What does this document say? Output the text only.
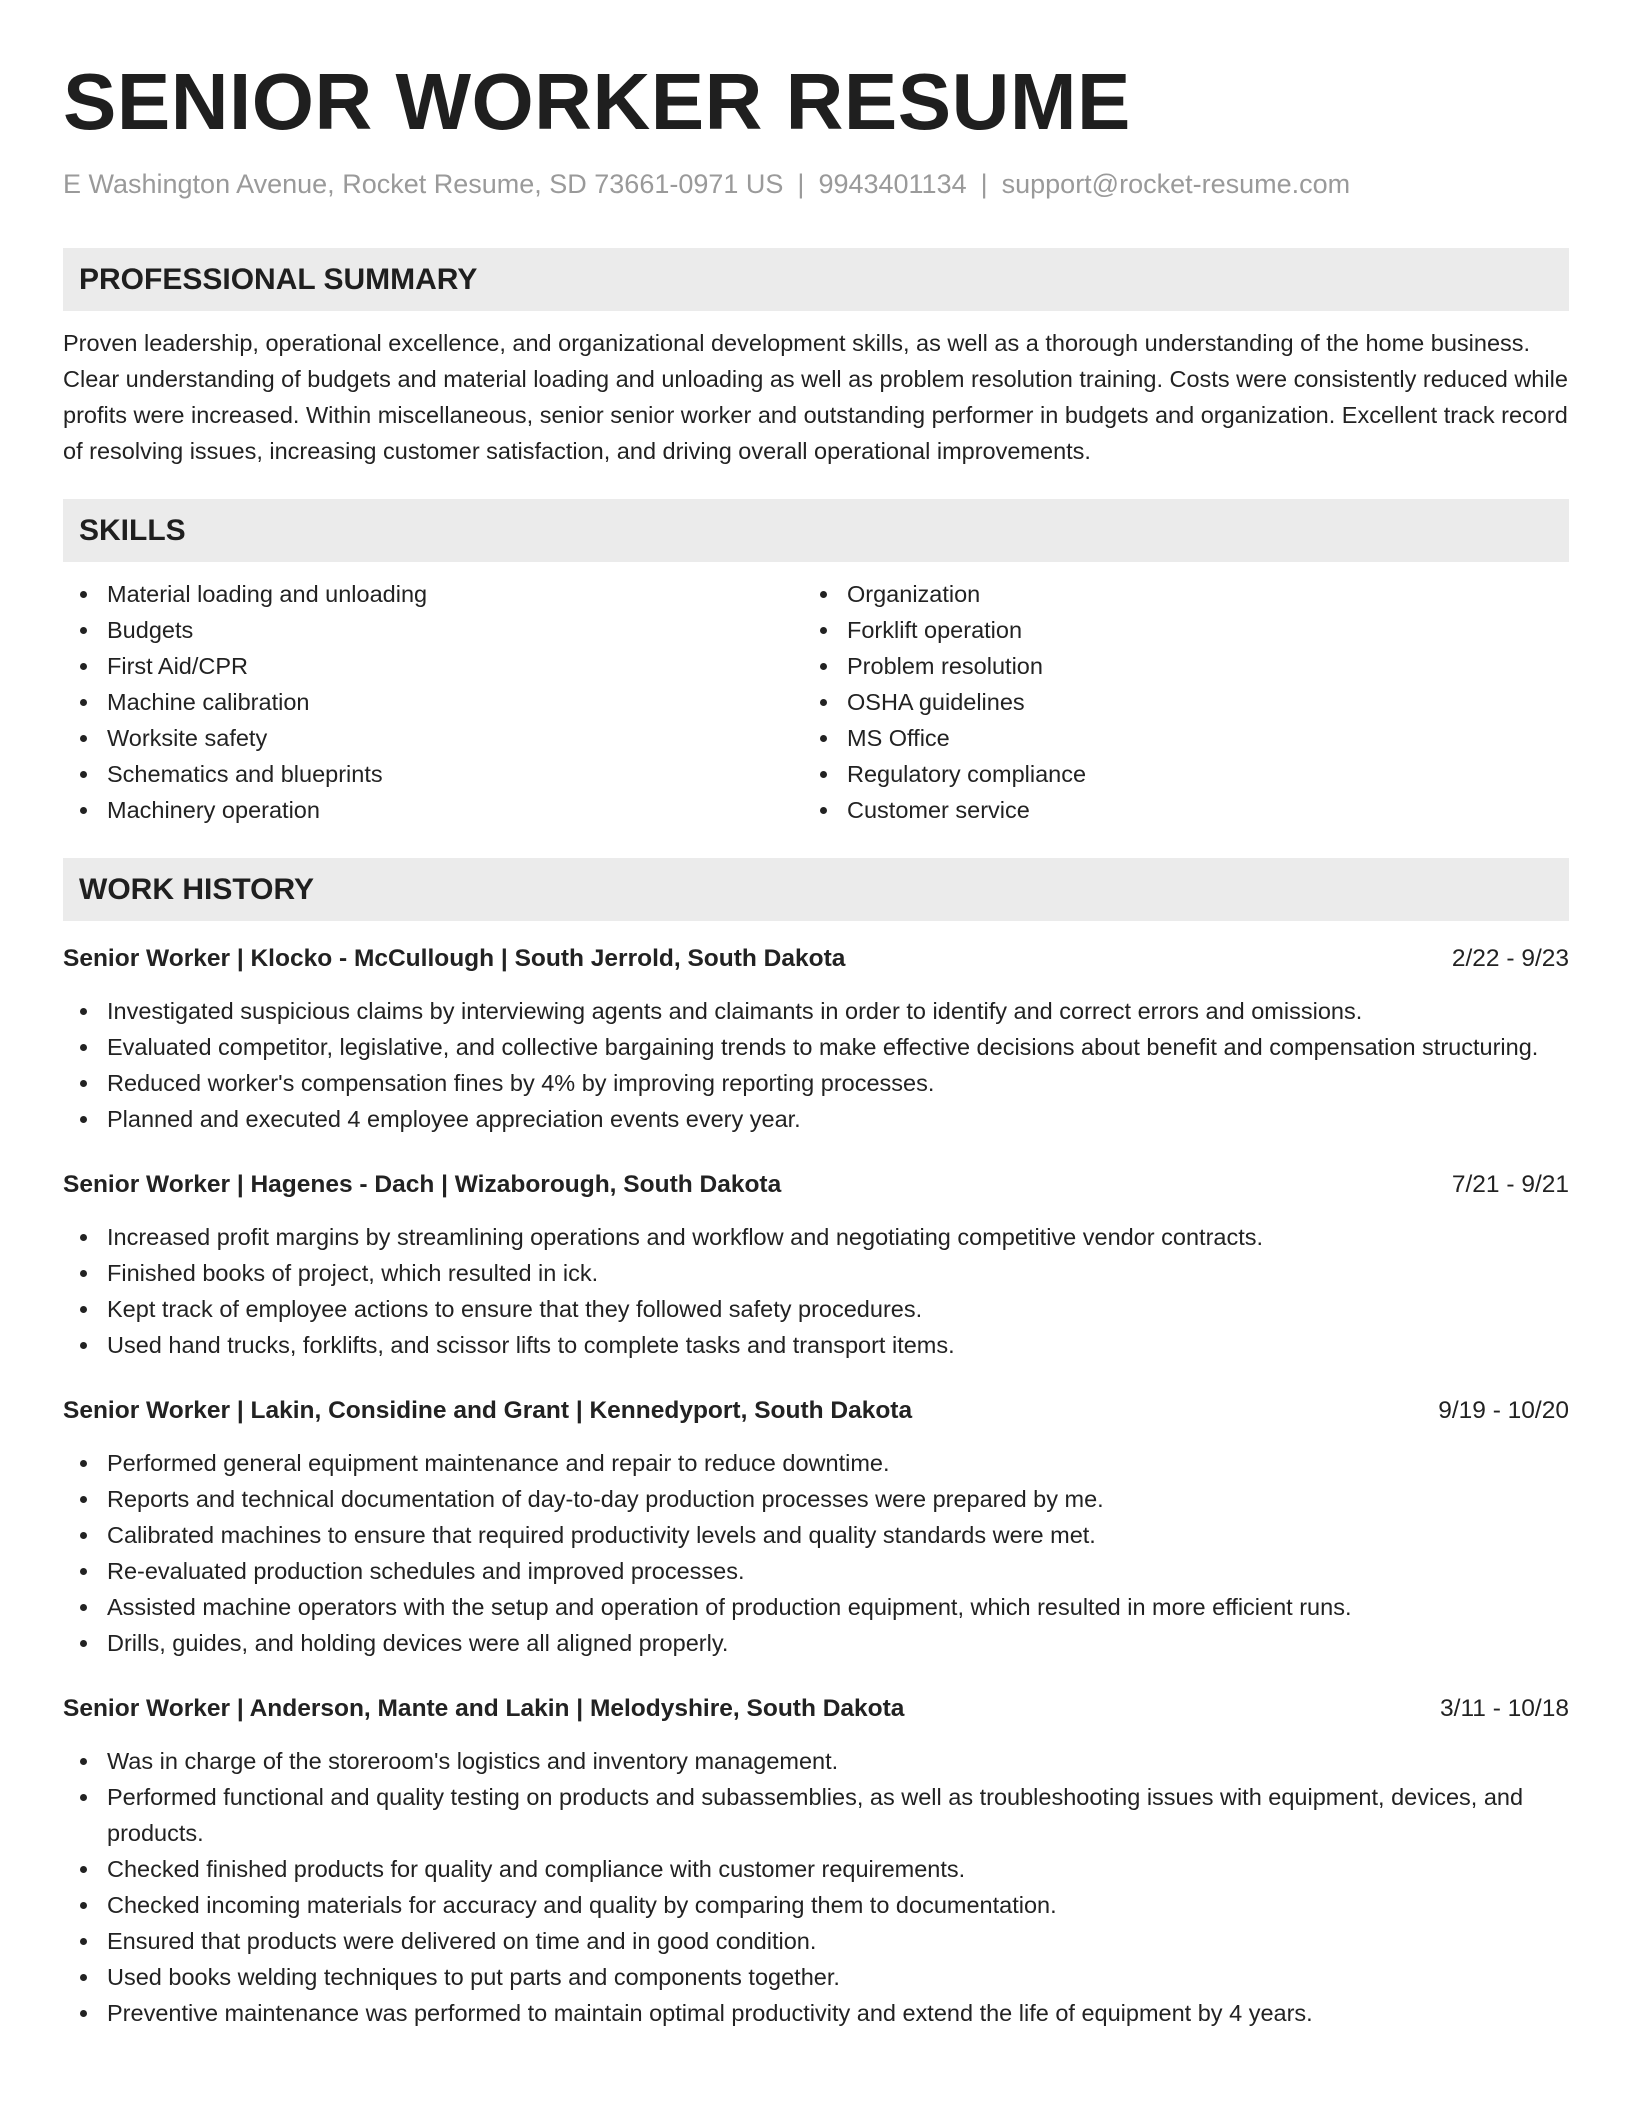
SENIOR WORKER RESUME
E Washington Avenue, Rocket Resume, SD 73661-0971 US | 9943401134 | support@rocket-resume.com
PROFESSIONAL SUMMARY

Proven leadership, operational excellence, and organizational development skills, as well as a thorough understanding of the home business. Clear understanding of budgets and material loading and unloading as well as problem resolution training. Costs were consistently reduced while profits were increased. Within miscellaneous, senior senior worker and outstanding performer in budgets and organization. Excellent track record of resolving issues, increasing customer satisfaction, and driving overall operational improvements.

SKILLS
Material loading and unloading
Budgets
First Aid/CPR
Machine calibration
Worksite safety
Schematics and blueprints
Machinery operation
Organization
Forklift operation
Problem resolution
OSHA guidelines
MS Office
Regulatory compliance
Customer service
WORK HISTORY
Senior Worker | Klocko - McCullough | South Jerrold, South Dakota	2/22 - 9/23
Investigated suspicious claims by interviewing agents and claimants in order to identify and correct errors and omissions.
Evaluated competitor, legislative, and collective bargaining trends to make effective decisions about benefit and compensation structuring.
Reduced worker's compensation fines by 4% by improving reporting processes.
Planned and executed 4 employee appreciation events every year.
Senior Worker | Hagenes - Dach | Wizaborough, South Dakota	7/21 - 9/21
Increased profit margins by streamlining operations and workflow and negotiating competitive vendor contracts.
Finished books of project, which resulted in ick.
Kept track of employee actions to ensure that they followed safety procedures.
Used hand trucks, forklifts, and scissor lifts to complete tasks and transport items.
Senior Worker | Lakin, Considine and Grant | Kennedyport, South Dakota	9/19 - 10/20
Performed general equipment maintenance and repair to reduce downtime.
Reports and technical documentation of day-to-day production processes were prepared by me.
Calibrated machines to ensure that required productivity levels and quality standards were met.
Re-evaluated production schedules and improved processes.
Assisted machine operators with the setup and operation of production equipment, which resulted in more efficient runs.
Drills, guides, and holding devices were all aligned properly.
Senior Worker | Anderson, Mante and Lakin | Melodyshire, South Dakota	3/11 - 10/18
Was in charge of the storeroom's logistics and inventory management.
Performed functional and quality testing on products and subassemblies, as well as troubleshooting issues with equipment, devices, and products.
Checked finished products for quality and compliance with customer requirements.
Checked incoming materials for accuracy and quality by comparing them to documentation.
Ensured that products were delivered on time and in good condition.
Used books welding techniques to put parts and components together.
Preventive maintenance was performed to maintain optimal productivity and extend the life of equipment by 4 years.
